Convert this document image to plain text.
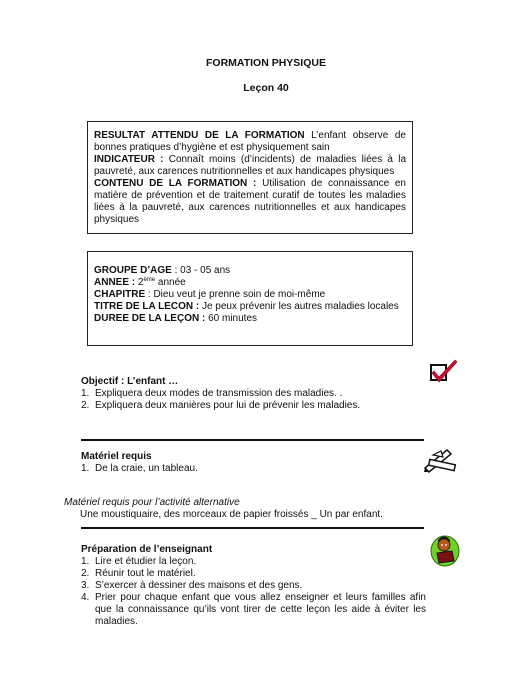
FORMATION PHYSIQUE
Leçon 40
RESULTAT ATTENDU DE LA FORMATION L’enfant observe de bonnes pratiques d’hygiène et est physiquement sain
INDICATEUR : Connaît moins (d’incidents) de maladies liées à la pauvreté, aux carences nutritionnelles et aux handicapes physiques
CONTENU DE LA FORMATION : Utilisation de connaissance en matière de prévention et de traitement curatif de toutes les maladies liées à la pauvreté, aux carences nutritionnelles et aux handicapes physiques
GROUPE D’AGE : 03 - 05 ans
ANNEE : 2ème année
CHAPITRE : Dieu veut je prenne soin de moi-même
TITRE DE LA LECON : Je peux prévenir les autres maladies locales
DUREE DE LA LEÇON : 60 minutes
Objectif : L’enfant …
1. Expliquera deux modes de transmission des maladies. .
2. Expliquera deux manières pour lui de prévenir les maladies.
Matériel requis
1. De la craie, un tableau.
Matériel requis pour l’activité alternative
Une moustiquaire, des morceaux de papier froissés _ Un par enfant.
Préparation de l’enseignant
1. Lire et étudier la leçon.
2. Réunir tout le matériel.
3. S’exercer à dessiner des maisons et des gens.
4. Prier pour chaque enfant que vous allez enseigner et leurs familles afin que la connaissance qu’ils vont tirer de cette leçon les aide à éviter les maladies.
